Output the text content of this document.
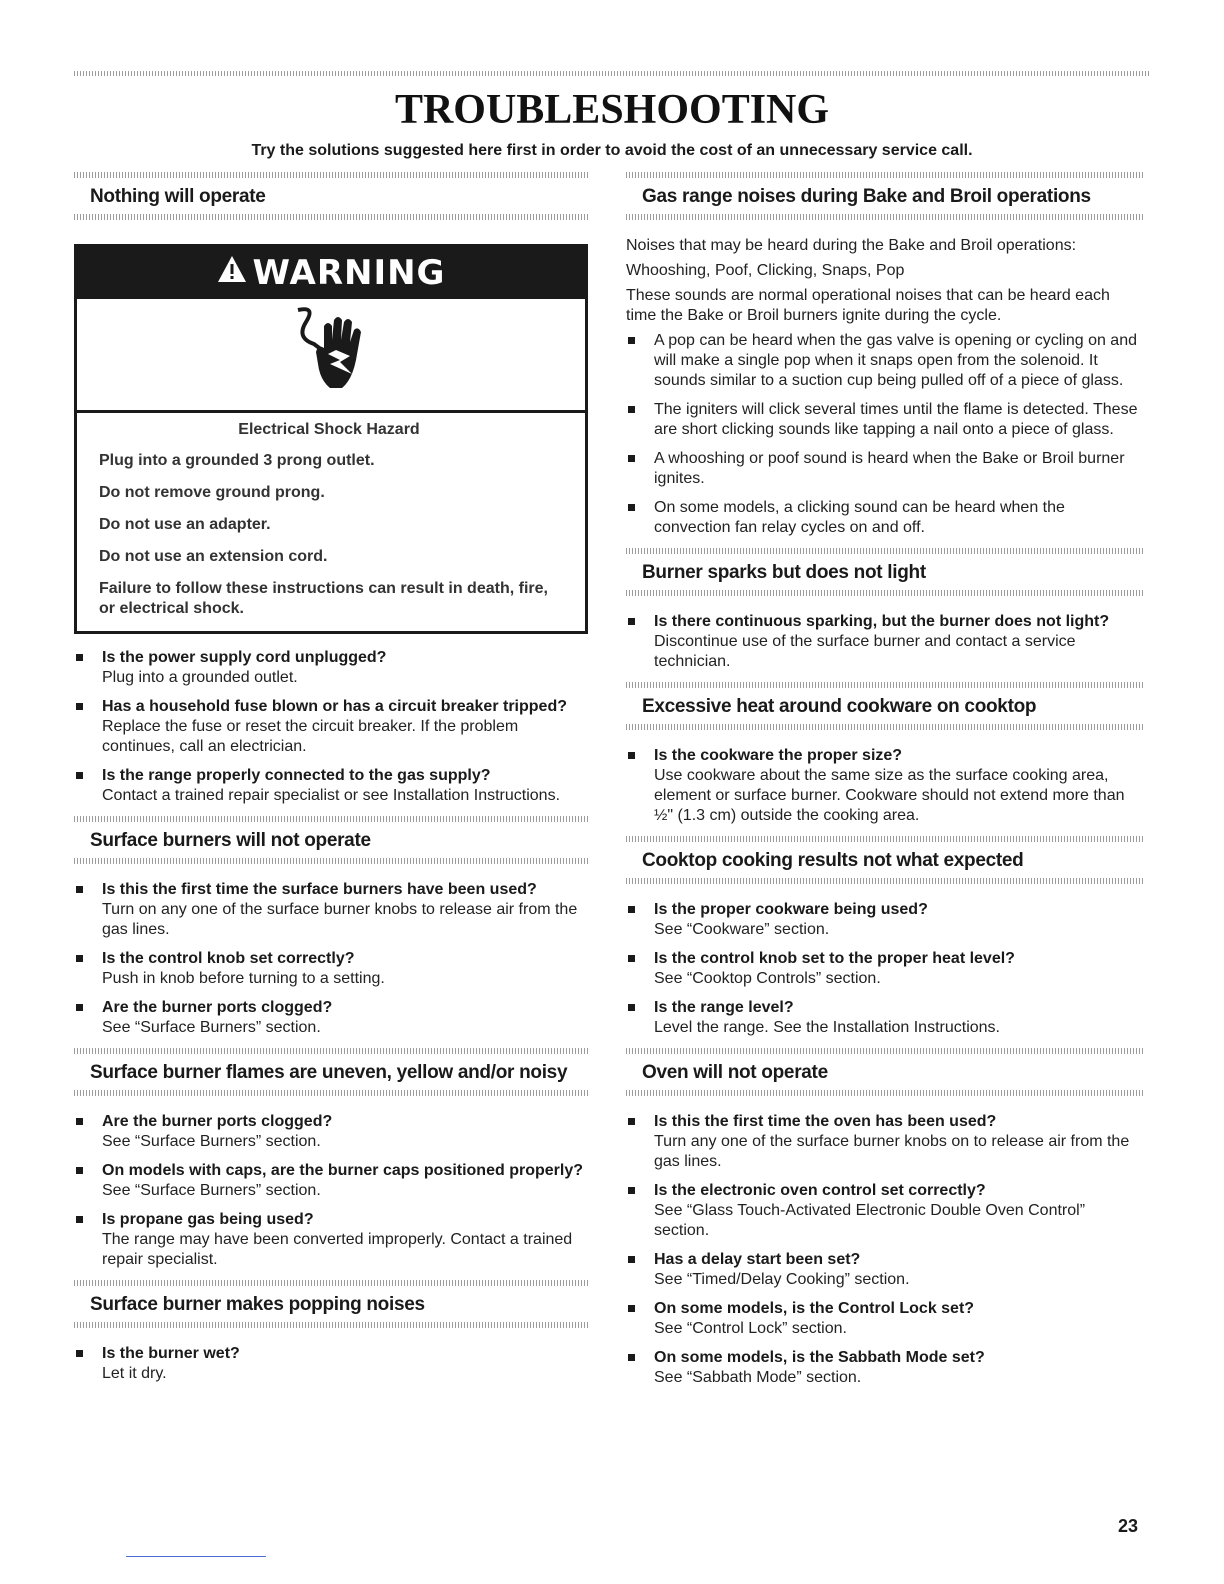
TROUBLESHOOTING
Try the solutions suggested here first in order to avoid the cost of an unnecessary service call.
Nothing will operate
WARNING
Electrical Shock Hazard
Plug into a grounded 3 prong outlet.
Do not remove ground prong.
Do not use an adapter.
Do not use an extension cord.
Failure to follow these instructions can result in death, fire, or electrical shock.
Is the power supply cord unplugged?
Plug into a grounded outlet.
Has a household fuse blown or has a circuit breaker tripped?
Replace the fuse or reset the circuit breaker. If the problem continues, call an electrician.
Is the range properly connected to the gas supply?
Contact a trained repair specialist or see Installation Instructions.
Surface burners will not operate
Is this the first time the surface burners have been used?
Turn on any one of the surface burner knobs to release air from the gas lines.
Is the control knob set correctly?
Push in knob before turning to a setting.
Are the burner ports clogged?
See “Surface Burners” section.
Surface burner flames are uneven, yellow and/or noisy
Are the burner ports clogged?
See “Surface Burners” section.
On models with caps, are the burner caps positioned properly?
See “Surface Burners” section.
Is propane gas being used?
The range may have been converted improperly. Contact a trained repair specialist.
Surface burner makes popping noises
Is the burner wet?
Let it dry.
Gas range noises during Bake and Broil operations
Noises that may be heard during the Bake and Broil operations:
Whooshing, Poof, Clicking, Snaps, Pop
These sounds are normal operational noises that can be heard each time the Bake or Broil burners ignite during the cycle.
A pop can be heard when the gas valve is opening or cycling on and will make a single pop when it snaps open from the solenoid. It sounds similar to a suction cup being pulled off of a piece of glass.
The igniters will click several times until the flame is detected. These are short clicking sounds like tapping a nail onto a piece of glass.
A whooshing or poof sound is heard when the Bake or Broil burner ignites.
On some models, a clicking sound can be heard when the convection fan relay cycles on and off.
Burner sparks but does not light
Is there continuous sparking, but the burner does not light?
Discontinue use of the surface burner and contact a service technician.
Excessive heat around cookware on cooktop
Is the cookware the proper size?
Use cookware about the same size as the surface cooking area, element or surface burner. Cookware should not extend more than ½" (1.3 cm) outside the cooking area.
Cooktop cooking results not what expected
Is the proper cookware being used?
See “Cookware” section.
Is the control knob set to the proper heat level?
See “Cooktop Controls” section.
Is the range level?
Level the range. See the Installation Instructions.
Oven will not operate
Is this the first time the oven has been used?
Turn any one of the surface burner knobs on to release air from the gas lines.
Is the electronic oven control set correctly?
See “Glass Touch-Activated Electronic Double Oven Control” section.
Has a delay start been set?
See “Timed/Delay Cooking” section.
On some models, is the Control Lock set?
See “Control Lock” section.
On some models, is the Sabbath Mode set?
See “Sabbath Mode” section.
23
